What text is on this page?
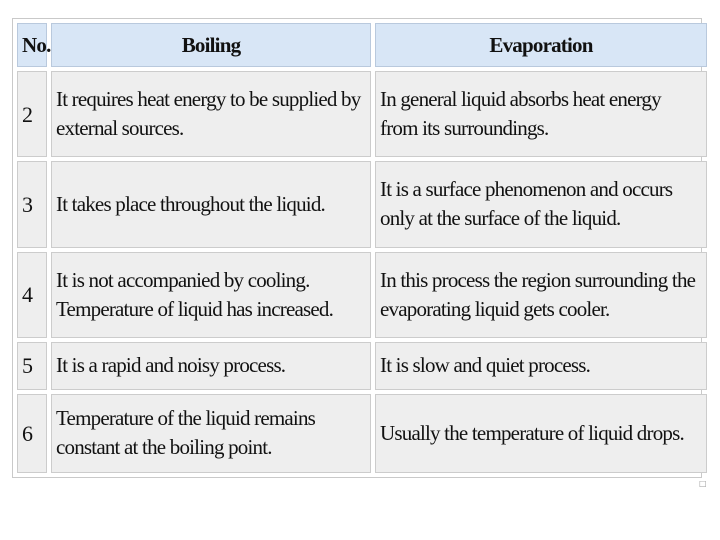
No.	Boiling	Evaporation
2	It requires heat energy to be supplied by external sources.	In general liquid absorbs heat energy from its surroundings.
3	It takes place throughout the liquid.	It is a surface phenomenon and occurs only at the surface of the liquid.
4	It is not accompanied by cooling. Temperature of liquid has increased.	In this process the region surrounding the evaporating liquid gets cooler.
5	It is a rapid and noisy process.	It is slow and quiet process.
6	Temperature of the liquid remains constant at the boiling point.	Usually the temperature of liquid drops.
□
